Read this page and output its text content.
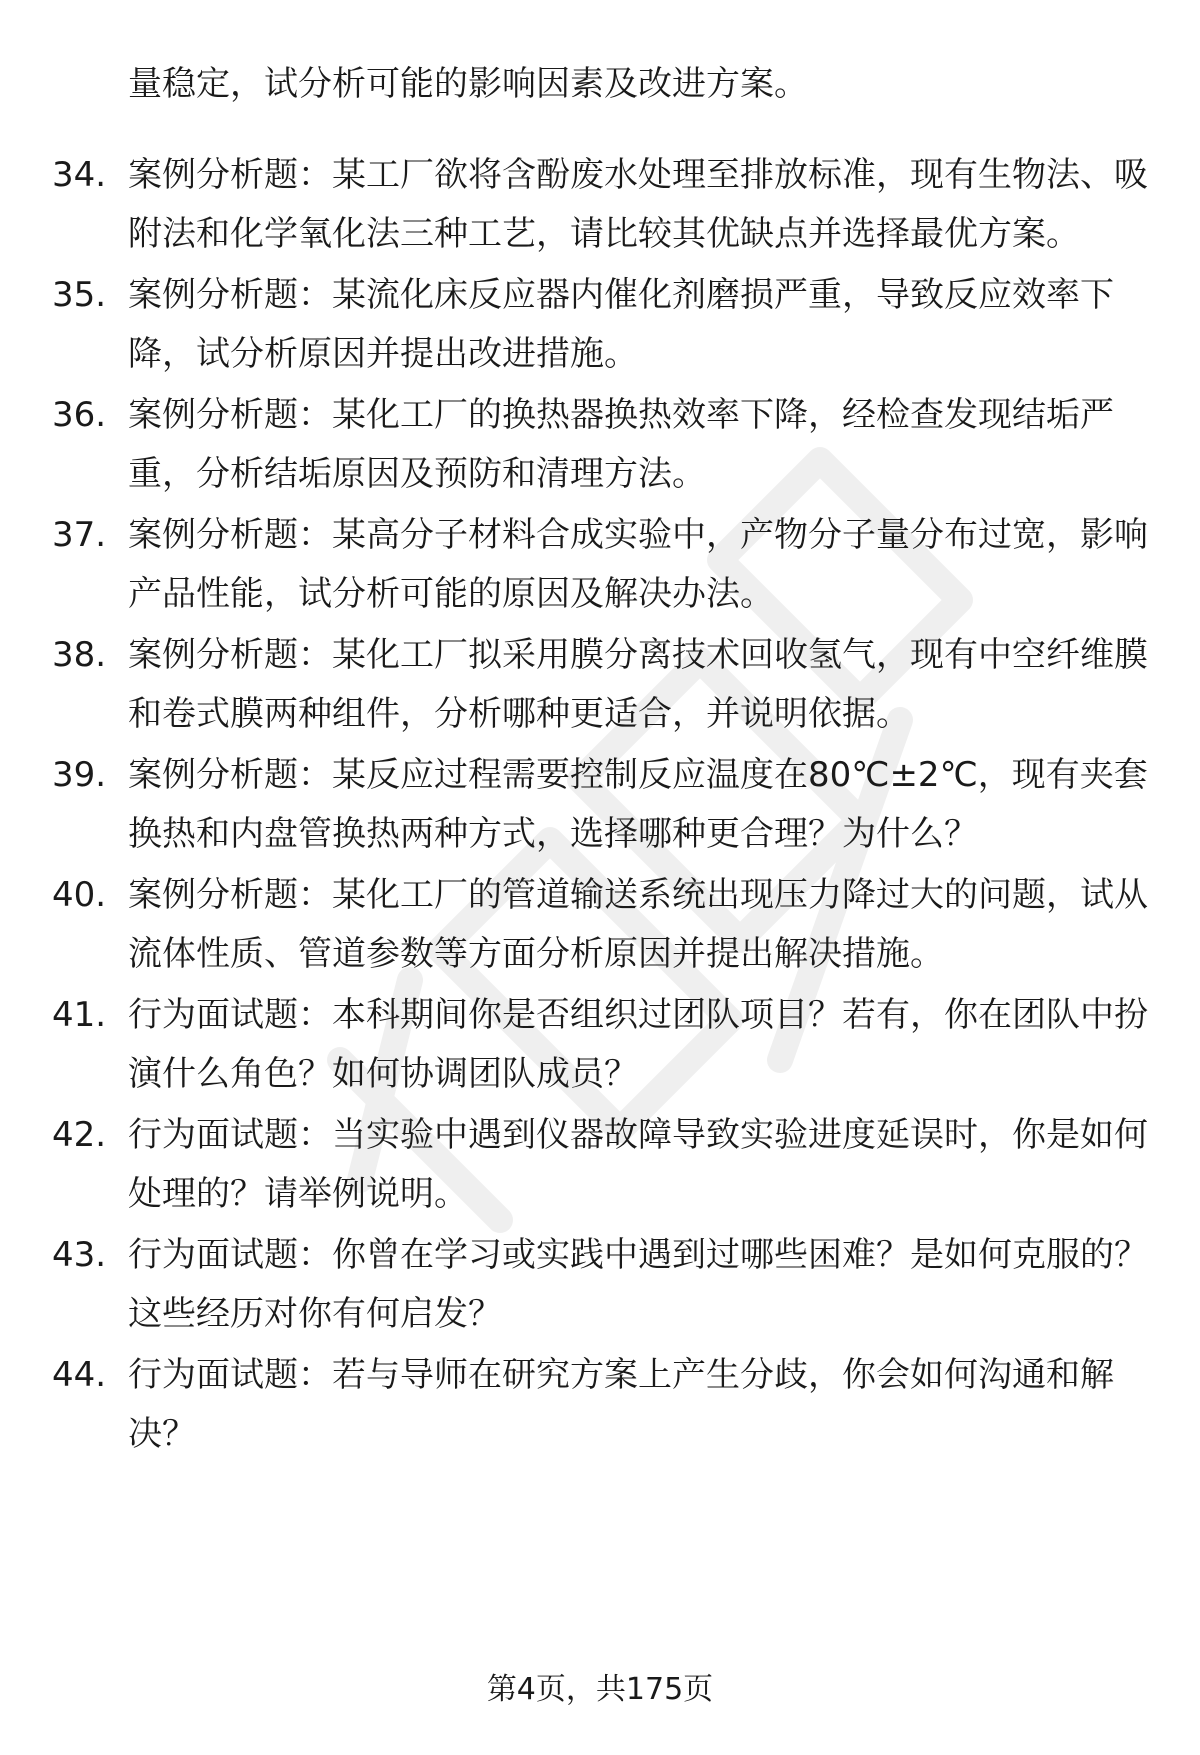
量稳定，试分析可能的影响因素及改进方案。
34. 案例分析题：某工厂欲将含酚废水处理至排放标准，现有生物法、吸附法和化学氧化法三种工艺，请比较其优缺点并选择最优方案。
35. 案例分析题：某流化床反应器内催化剂磨损严重，导致反应效率下降，试分析原因并提出改进措施。
36. 案例分析题：某化工厂的换热器换热效率下降，经检查发现结垢严重，分析结垢原因及预防和清理方法。
37. 案例分析题：某高分子材料合成实验中，产物分子量分布过宽，影响产品性能，试分析可能的原因及解决办法。
38. 案例分析题：某化工厂拟采用膜分离技术回收氢气，现有中空纤维膜和卷式膜两种组件，分析哪种更适合，并说明依据。
39. 案例分析题：某反应过程需要控制反应温度在80℃±2℃，现有夹套换热和内盘管换热两种方式，选择哪种更合理？为什么？
40. 案例分析题：某化工厂的管道输送系统出现压力降过大的问题，试从流体性质、管道参数等方面分析原因并提出解决措施。
41. 行为面试题：本科期间你是否组织过团队项目？若有，你在团队中扮演什么角色？如何协调团队成员？
42. 行为面试题：当实验中遇到仪器故障导致实验进度延误时，你是如何处理的？请举例说明。
43. 行为面试题：你曾在学习或实践中遇到过哪些困难？是如何克服的？这些经历对你有何启发？
44. 行为面试题：若与导师在研究方案上产生分歧，你会如何沟通和解决？
第4页，共175页
